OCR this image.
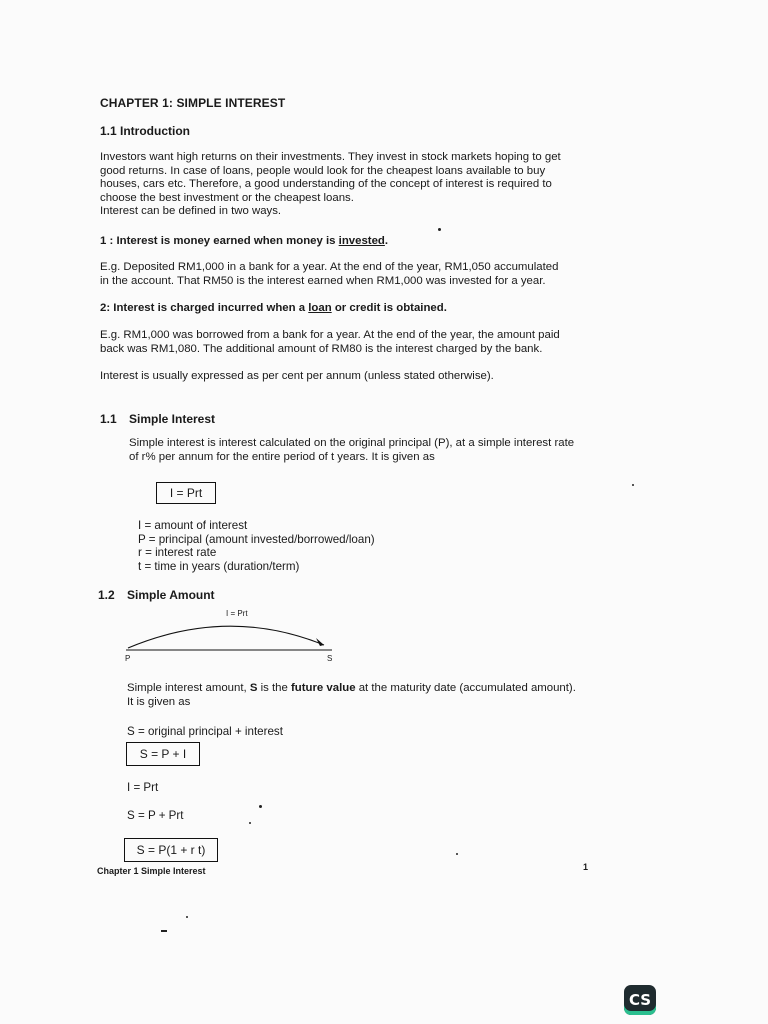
CHAPTER 1: SIMPLE INTEREST
1.1 Introduction

Investors want high returns on their investments. They invest in stock markets hoping to get

good returns. In case of loans, people would look for the cheapest loans available to buy

houses, cars etc. Therefore, a good understanding of the concept of interest is required to

choose the best investment or the cheapest loans.

Interest can be defined in two ways.

1 : Interest is money earned when money is invested.

E.g. Deposited RM1,000 in a bank for a year. At the end of the year, RM1,050 accumulated

in the account. That RM50 is the interest earned when RM1,000 was invested for a year.

2: Interest is charged incurred when a loan or credit is obtained.

E.g. RM1,000 was borrowed from a bank for a year. At the end of the year, the amount paid

back was RM1,080. The additional amount of RM80 is the interest charged by the bank.

Interest is usually expressed as per cent per annum (unless stated otherwise).
1.1 Simple Interest

Simple interest is interest calculated on the original principal (P), at a simple interest rate

of r% per annum for the entire period of t years. It is given as

I = Prt
I = amount of interest
P = principal (amount invested/borrowed/loan)
r = interest rate
t = time in years (duration/term)
1.2 Simple Amount
I = Prt
P	S

Simple interest amount, S is the future value at the maturity date (accumulated amount).

It is given as

S = original principal + interest
S = P + I
I = Prt
S = P + Prt
S = P(1 + r t)
Chapter 1 Simple Interest	1
CS
